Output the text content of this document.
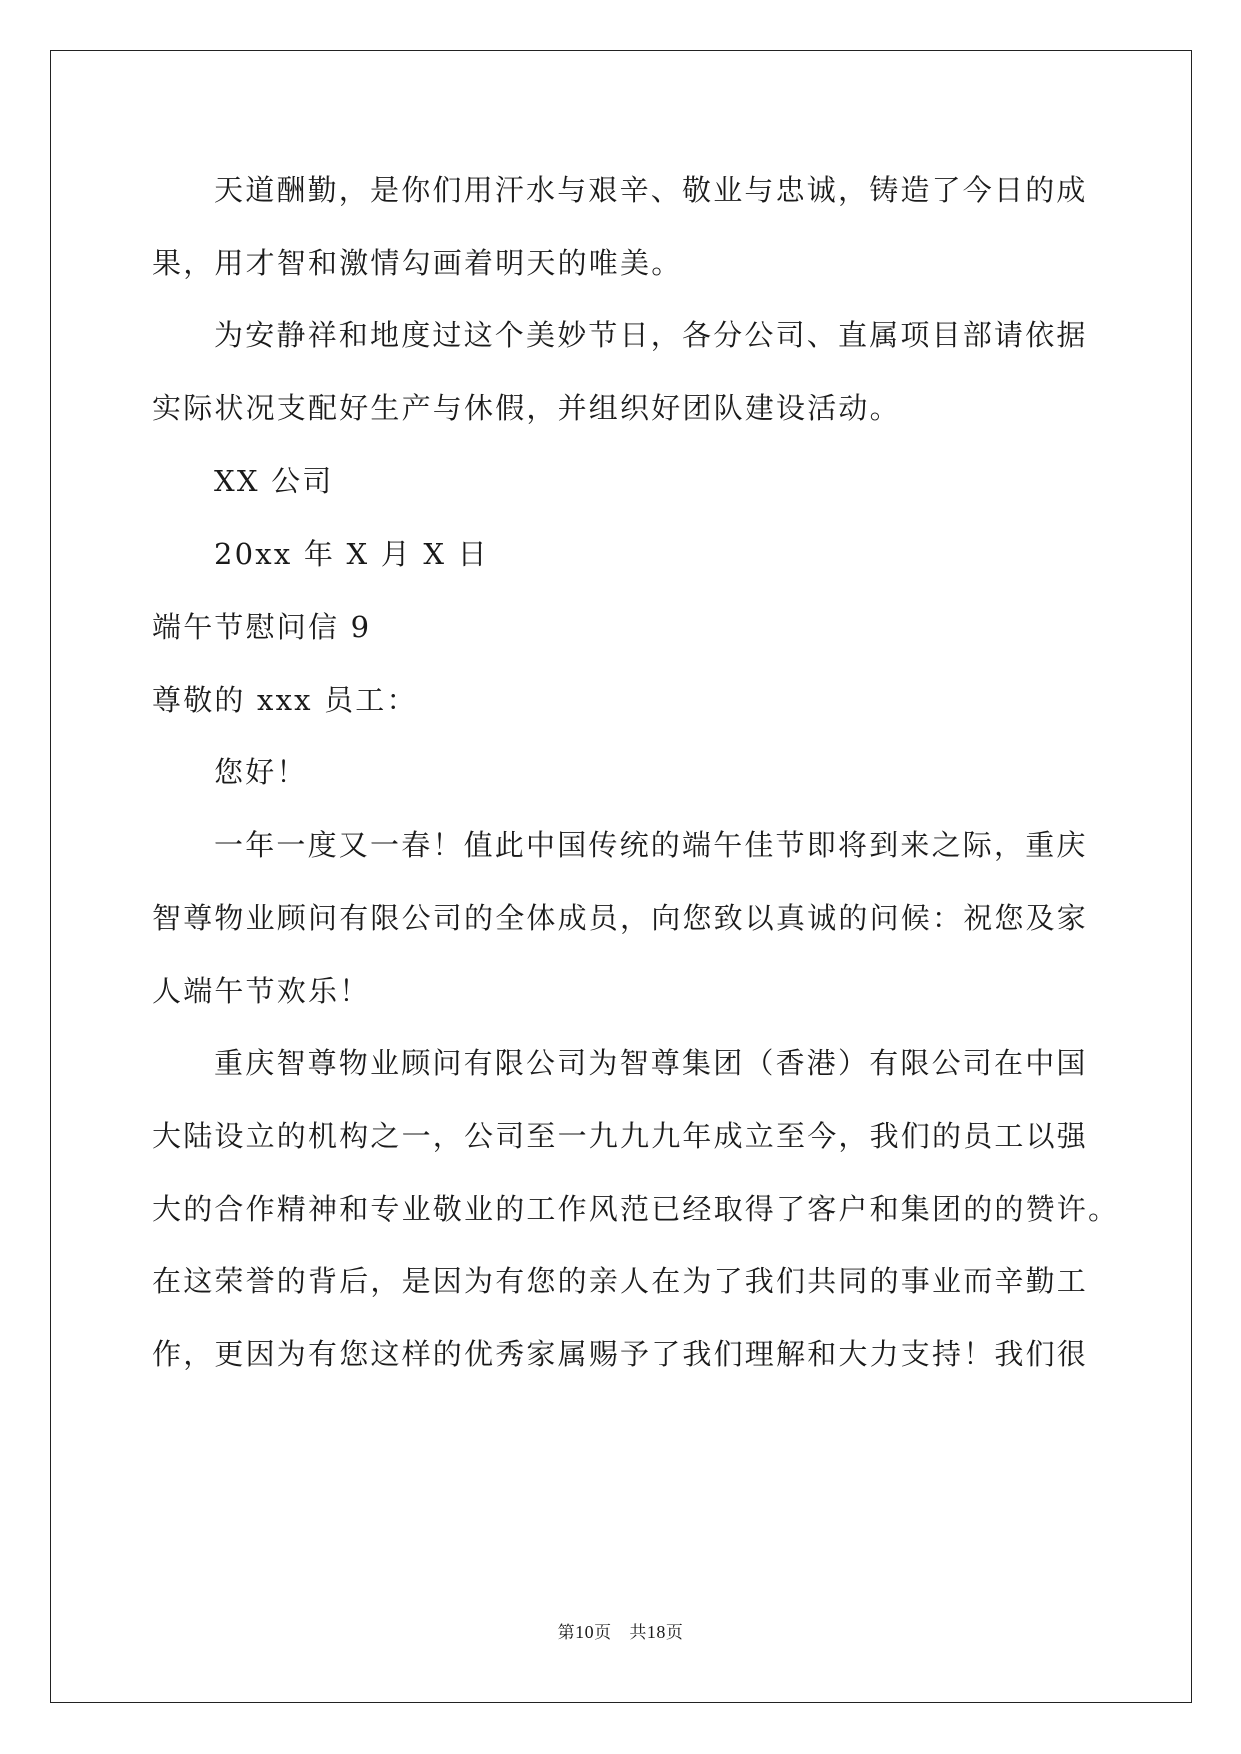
天道酬勤，是你们用汗水与艰辛、敬业与忠诚，铸造了今日的成
果，用才智和激情勾画着明天的唯美。
为安静祥和地度过这个美妙节日，各分公司、直属项目部请依据
实际状况支配好生产与休假，并组织好团队建设活动。
XX 公司
20xx 年 X 月 X 日
端午节慰问信 9
尊敬的 xxx 员工：
您好！
一年一度又一春！值此中国传统的端午佳节即将到来之际，重庆
智尊物业顾问有限公司的全体成员，向您致以真诚的问候：祝您及家
人端午节欢乐！
重庆智尊物业顾问有限公司为智尊集团（香港）有限公司在中国
大陆设立的机构之一，公司至一九九九年成立至今，我们的员工以强
大的合作精神和专业敬业的工作风范已经取得了客户和集团的的赞许。
在这荣誉的背后，是因为有您的亲人在为了我们共同的事业而辛勤工
作，更因为有您这样的优秀家属赐予了我们理解和大力支持！我们很
第10页 共18页
